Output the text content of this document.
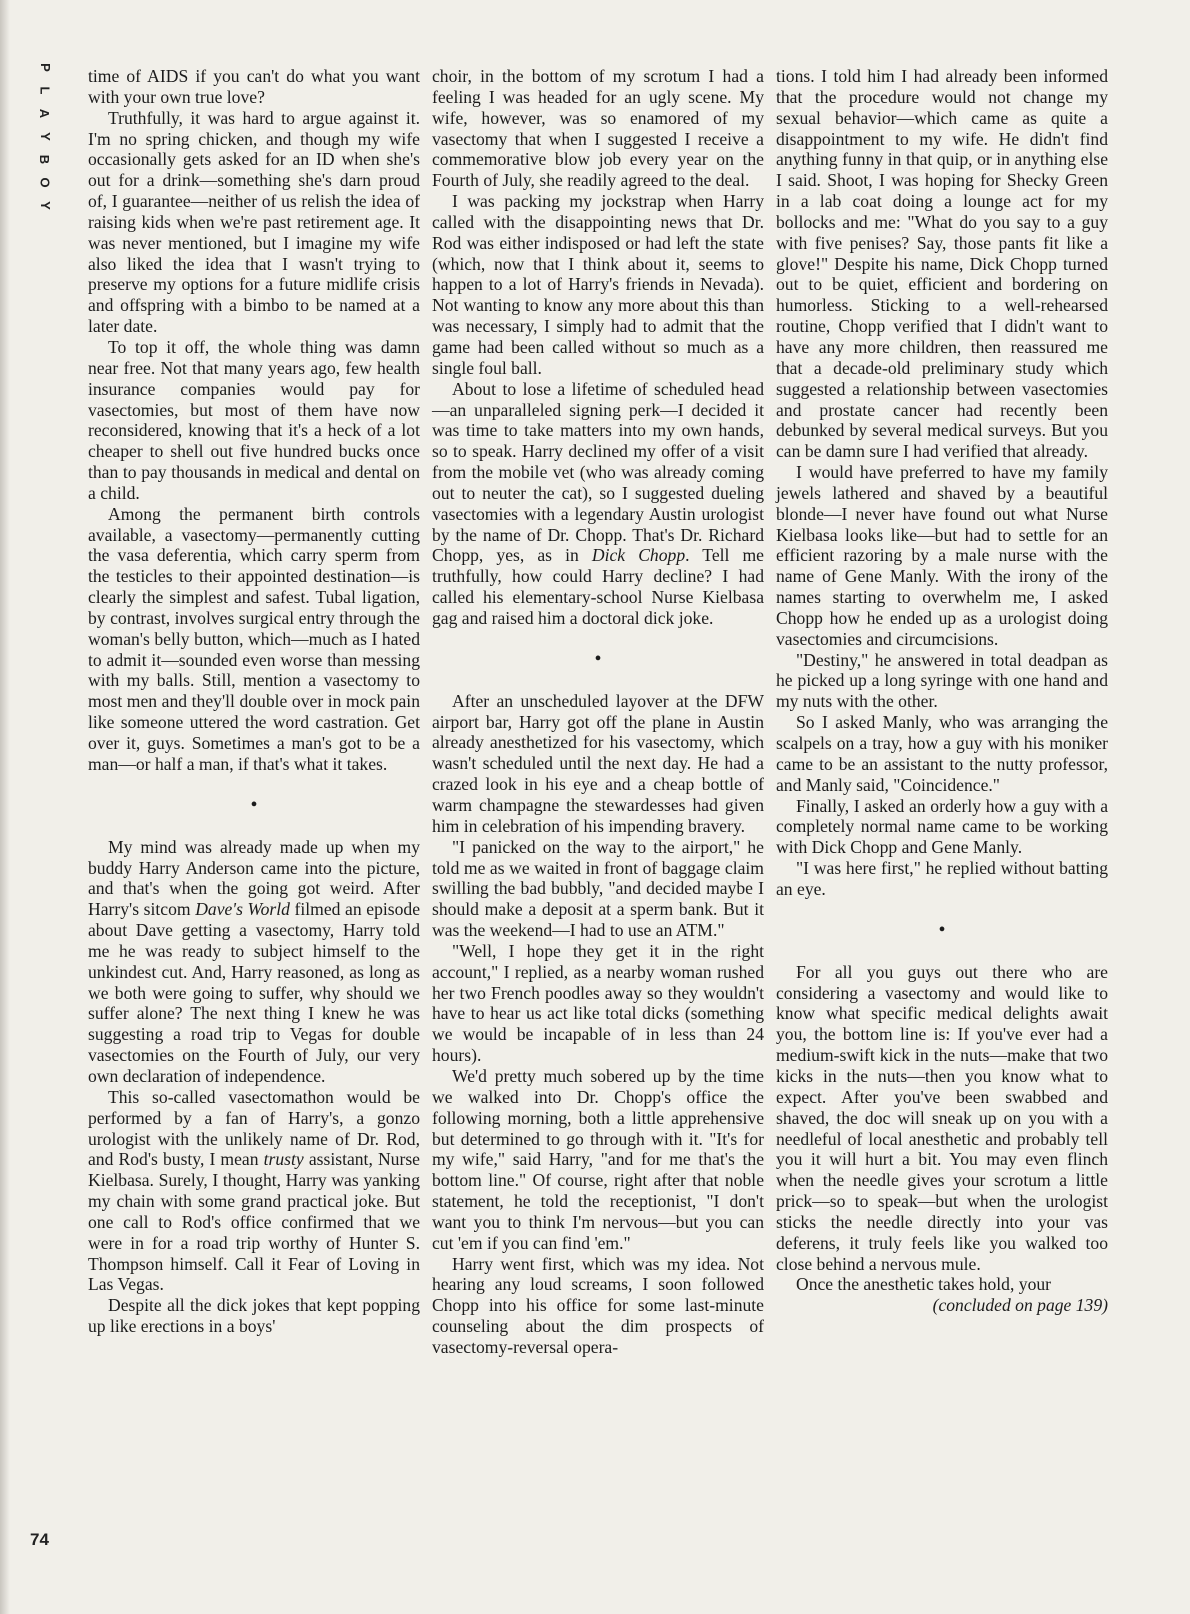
P
L
A
Y
B
O
Y
74

time of AIDS if you can't do what you want with your own true love?

Truthfully, it was hard to argue against it. I'm no spring chicken, and though my wife occasionally gets asked for an ID when she's out for a drink—something she's darn proud of, I guarantee—neither of us relish the idea of raising kids when we're past retirement age. It was never mentioned, but I imagine my wife also liked the idea that I wasn't trying to preserve my options for a future midlife crisis and offspring with a bimbo to be named at a later date.

To top it off, the whole thing was damn near free. Not that many years ago, few health insurance companies would pay for vasectomies, but most of them have now reconsidered, knowing that it's a heck of a lot cheaper to shell out five hundred bucks once than to pay thousands in medical and dental on a child.

Among the permanent birth controls available, a vasectomy—permanently cutting the vasa deferentia, which carry sperm from the testicles to their appointed destination—is clearly the simplest and safest. Tubal ligation, by contrast, involves surgical entry through the woman's belly button, which—much as I hated to admit it—sounded even worse than messing with my balls. Still, mention a vasectomy to most men and they'll double over in mock pain like someone uttered the word castration. Get over it, guys. Sometimes a man's got to be a man—or half a man, if that's what it takes.

•

My mind was already made up when my buddy Harry Anderson came into the picture, and that's when the going got weird. After Harry's sitcom Dave's World filmed an episode about Dave getting a vasectomy, Harry told me he was ready to subject himself to the unkindest cut. And, Harry reasoned, as long as we both were going to suffer, why should we suffer alone? The next thing I knew he was suggesting a road trip to Vegas for double vasectomies on the Fourth of July, our very own declaration of independence.

This so-called vasectomathon would be performed by a fan of Harry's, a gonzo urologist with the unlikely name of Dr. Rod, and Rod's busty, I mean trusty assistant, Nurse Kielbasa. Surely, I thought, Harry was yanking my chain with some grand practical joke. But one call to Rod's office confirmed that we were in for a road trip worthy of Hunter S. Thompson himself. Call it Fear of Loving in Las Vegas.

Despite all the dick jokes that kept popping up like erections in a boys'

choir, in the bottom of my scrotum I had a feeling I was headed for an ugly scene. My wife, however, was so enamored of my vasectomy that when I suggested I receive a commemorative blow job every year on the Fourth of July, she readily agreed to the deal.

I was packing my jockstrap when Harry called with the disappointing news that Dr. Rod was either indisposed or had left the state (which, now that I think about it, seems to happen to a lot of Harry's friends in Nevada). Not wanting to know any more about this than was necessary, I simply had to admit that the game had been called without so much as a single foul ball.

About to lose a lifetime of scheduled head—an unparalleled signing perk—I decided it was time to take matters into my own hands, so to speak. Harry declined my offer of a visit from the mobile vet (who was already coming out to neuter the cat), so I suggested dueling vasectomies with a legendary Austin urologist by the name of Dr. Chopp. That's Dr. Richard Chopp, yes, as in Dick Chopp. Tell me truthfully, how could Harry decline? I had called his elementary-school Nurse Kielbasa gag and raised him a doctoral dick joke.

•

After an unscheduled layover at the DFW airport bar, Harry got off the plane in Austin already anesthetized for his vasectomy, which wasn't scheduled until the next day. He had a crazed look in his eye and a cheap bottle of warm champagne the stewardesses had given him in celebration of his impending bravery.

"I panicked on the way to the airport," he told me as we waited in front of baggage claim swilling the bad bubbly, "and decided maybe I should make a deposit at a sperm bank. But it was the weekend—I had to use an ATM."

"Well, I hope they get it in the right account," I replied, as a nearby woman rushed her two French poodles away so they wouldn't have to hear us act like total dicks (something we would be incapable of in less than 24 hours).

We'd pretty much sobered up by the time we walked into Dr. Chopp's office the following morning, both a little apprehensive but determined to go through with it. "It's for my wife," said Harry, "and for me that's the bottom line." Of course, right after that noble statement, he told the receptionist, "I don't want you to think I'm nervous—but you can cut 'em if you can find 'em."

Harry went first, which was my idea. Not hearing any loud screams, I soon followed Chopp into his office for some last-minute counseling about the dim prospects of vasectomy-reversal opera-

tions. I told him I had already been informed that the procedure would not change my sexual behavior—which came as quite a disappointment to my wife. He didn't find anything funny in that quip, or in anything else I said. Shoot, I was hoping for Shecky Green in a lab coat doing a lounge act for my bollocks and me: "What do you say to a guy with five penises? Say, those pants fit like a glove!" Despite his name, Dick Chopp turned out to be quiet, efficient and bordering on humorless. Sticking to a well-rehearsed routine, Chopp verified that I didn't want to have any more children, then reassured me that a decade-old preliminary study which suggested a relationship between vasectomies and prostate cancer had recently been debunked by several medical surveys. But you can be damn sure I had verified that already.

I would have preferred to have my family jewels lathered and shaved by a beautiful blonde—I never have found out what Nurse Kielbasa looks like—but had to settle for an efficient razoring by a male nurse with the name of Gene Manly. With the irony of the names starting to overwhelm me, I asked Chopp how he ended up as a urologist doing vasectomies and circumcisions.

"Destiny," he answered in total deadpan as he picked up a long syringe with one hand and my nuts with the other.

So I asked Manly, who was arranging the scalpels on a tray, how a guy with his moniker came to be an assistant to the nutty professor, and Manly said, "Coincidence."

Finally, I asked an orderly how a guy with a completely normal name came to be working with Dick Chopp and Gene Manly.

"I was here first," he replied without batting an eye.

•

For all you guys out there who are considering a vasectomy and would like to know what specific medical delights await you, the bottom line is: If you've ever had a medium-swift kick in the nuts—make that two kicks in the nuts—then you know what to expect. After you've been swabbed and shaved, the doc will sneak up on you with a needleful of local anesthetic and probably tell you it will hurt a bit. You may even flinch when the needle gives your scrotum a little prick—so to speak—but when the urologist sticks the needle directly into your vas deferens, it truly feels like you walked too close behind a nervous mule.

Once the anesthetic takes hold, your

(concluded on page 139)
